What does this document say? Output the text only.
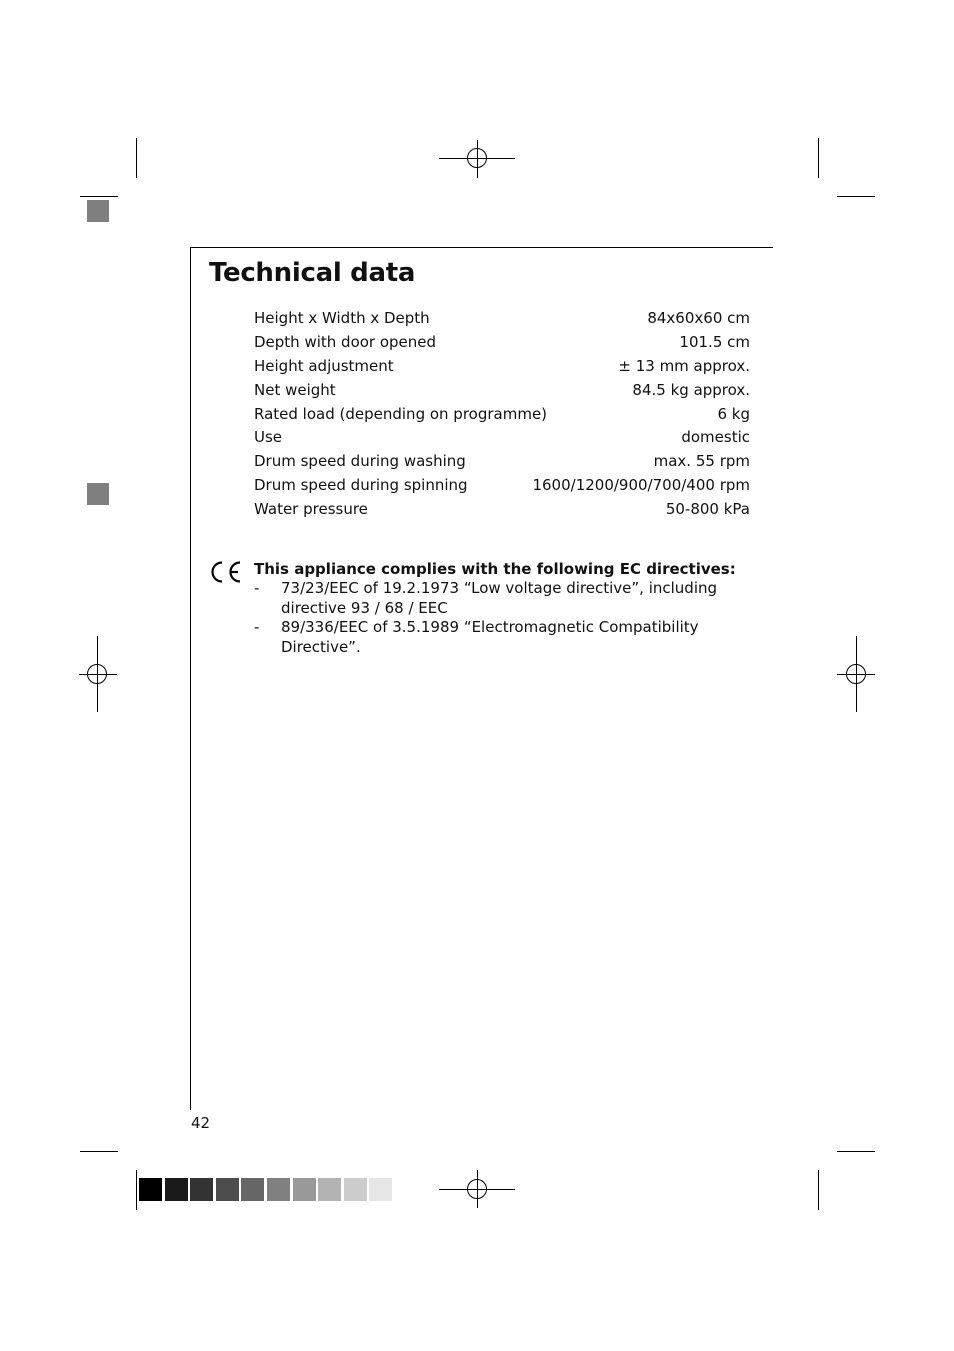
Technical data
Height x Width x Depth	84x60x60 cm
Depth with door opened	101.5 cm
Height adjustment	± 13 mm approx.
Net weight	84.5 kg approx.
Rated load (depending on programme)	6 kg
Use	domestic
Drum speed during washing	max. 55 rpm
Drum speed during spinning	1600/1200/900/700/400 rpm
Water pressure	50-800 kPa
This appliance complies with the following EC directives:
- 73/23/EEC of 19.2.1973 “Low voltage directive”, including directive 93 / 68 / EEC
- 89/336/EEC of 3.5.1989 “Electromagnetic Compatibility Directive”.
42
